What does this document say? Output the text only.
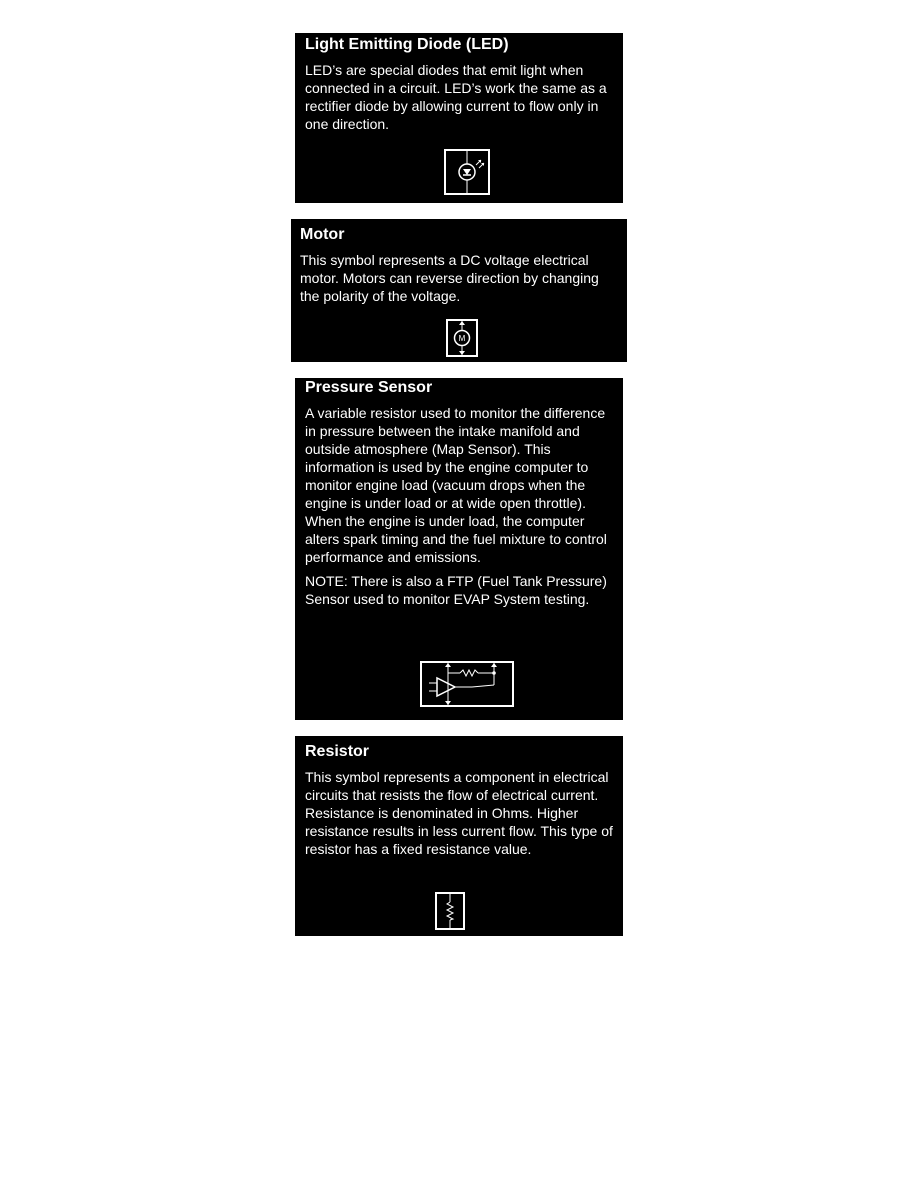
Light Emitting Diode (LED)

LED’s are special diodes that emit light when connected in a circuit. LED’s work the same as a rectifier diode by allowing current to flow only in one direction.

Motor

This symbol represents a DC voltage electrical motor. Motors can reverse direction by changing the polarity of the voltage.

M
Pressure Sensor

A variable resistor used to monitor the difference in pressure between the intake manifold and outside atmosphere (Map Sensor). This information is used by the engine computer to monitor engine load (vacuum drops when the engine is under load or at wide open throttle). When the engine is under load, the computer alters spark timing and the fuel mixture to control performance and emissions.

NOTE: There is also a FTP (Fuel Tank Pressure) Sensor used to monitor EVAP System testing.

Resistor

This symbol represents a component in electrical circuits that resists the flow of electrical current. Resistance is denominated in Ohms. Higher resistance results in less current flow. This type of resistor has a fixed resistance value.
